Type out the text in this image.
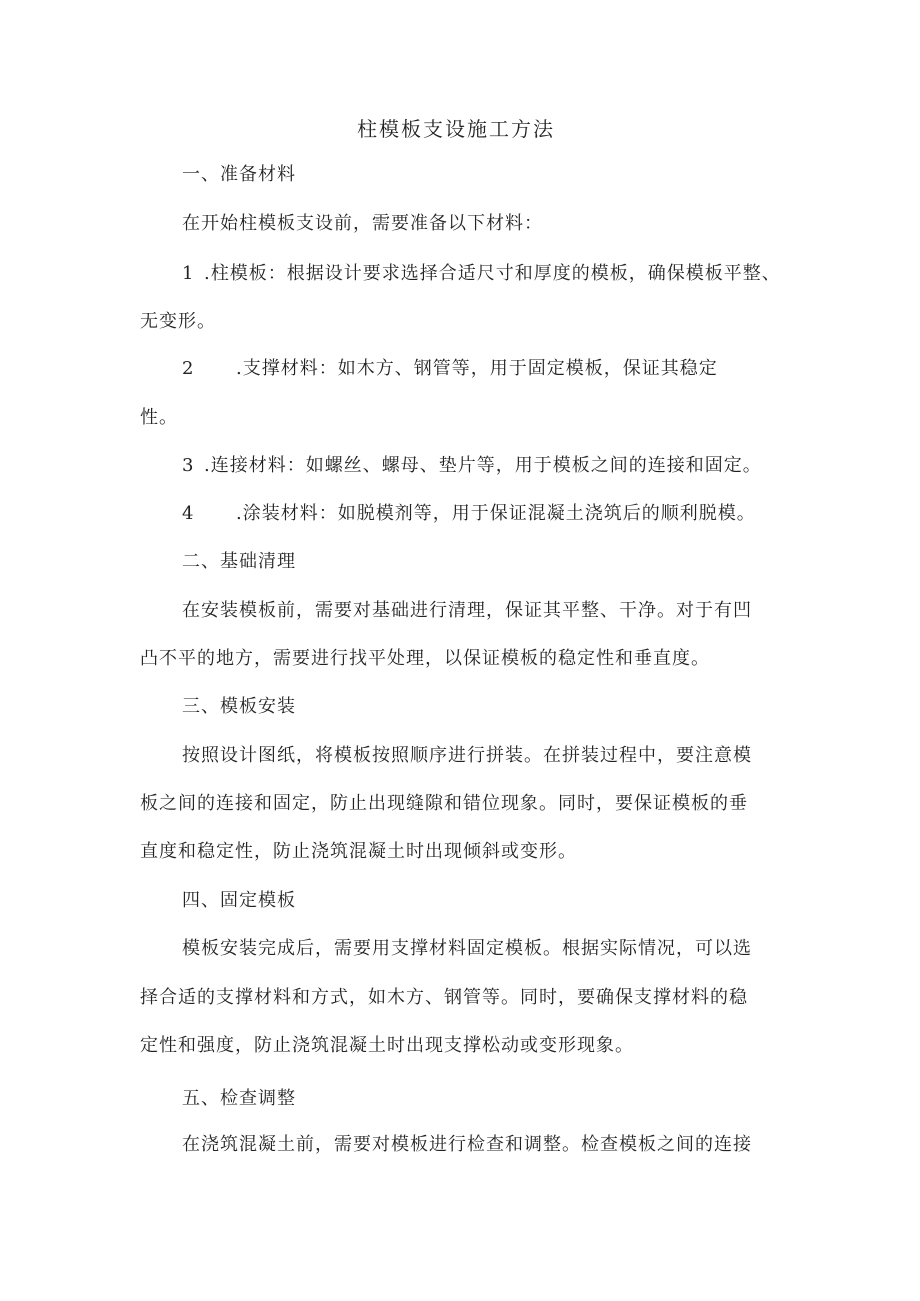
柱模板支设施工方法

一、准备材料

在开始柱模板支设前，需要准备以下材料：

1 .柱模板：根据设计要求选择合适尺寸和厚度的模板，确保模板平整、

无变形。

2 .支撑材料：如木方、钢管等，用于固定模板，保证其稳定

性。

3 .连接材料：如螺丝、螺母、垫片等，用于模板之间的连接和固定。

4 .涂装材料：如脱模剂等，用于保证混凝土浇筑后的顺利脱模。

二、基础清理

在安装模板前，需要对基础进行清理，保证其平整、干净。对于有凹

凸不平的地方，需要进行找平处理，以保证模板的稳定性和垂直度。

三、模板安装

按照设计图纸，将模板按照顺序进行拼装。在拼装过程中，要注意模

板之间的连接和固定，防止出现缝隙和错位现象。同时，要保证模板的垂

直度和稳定性，防止浇筑混凝土时出现倾斜或变形。

四、固定模板

模板安装完成后，需要用支撑材料固定模板。根据实际情况，可以选

择合适的支撑材料和方式，如木方、钢管等。同时，要确保支撑材料的稳

定性和强度，防止浇筑混凝土时出现支撑松动或变形现象。

五、检查调整

在浇筑混凝土前，需要对模板进行检查和调整。检查模板之间的连接
